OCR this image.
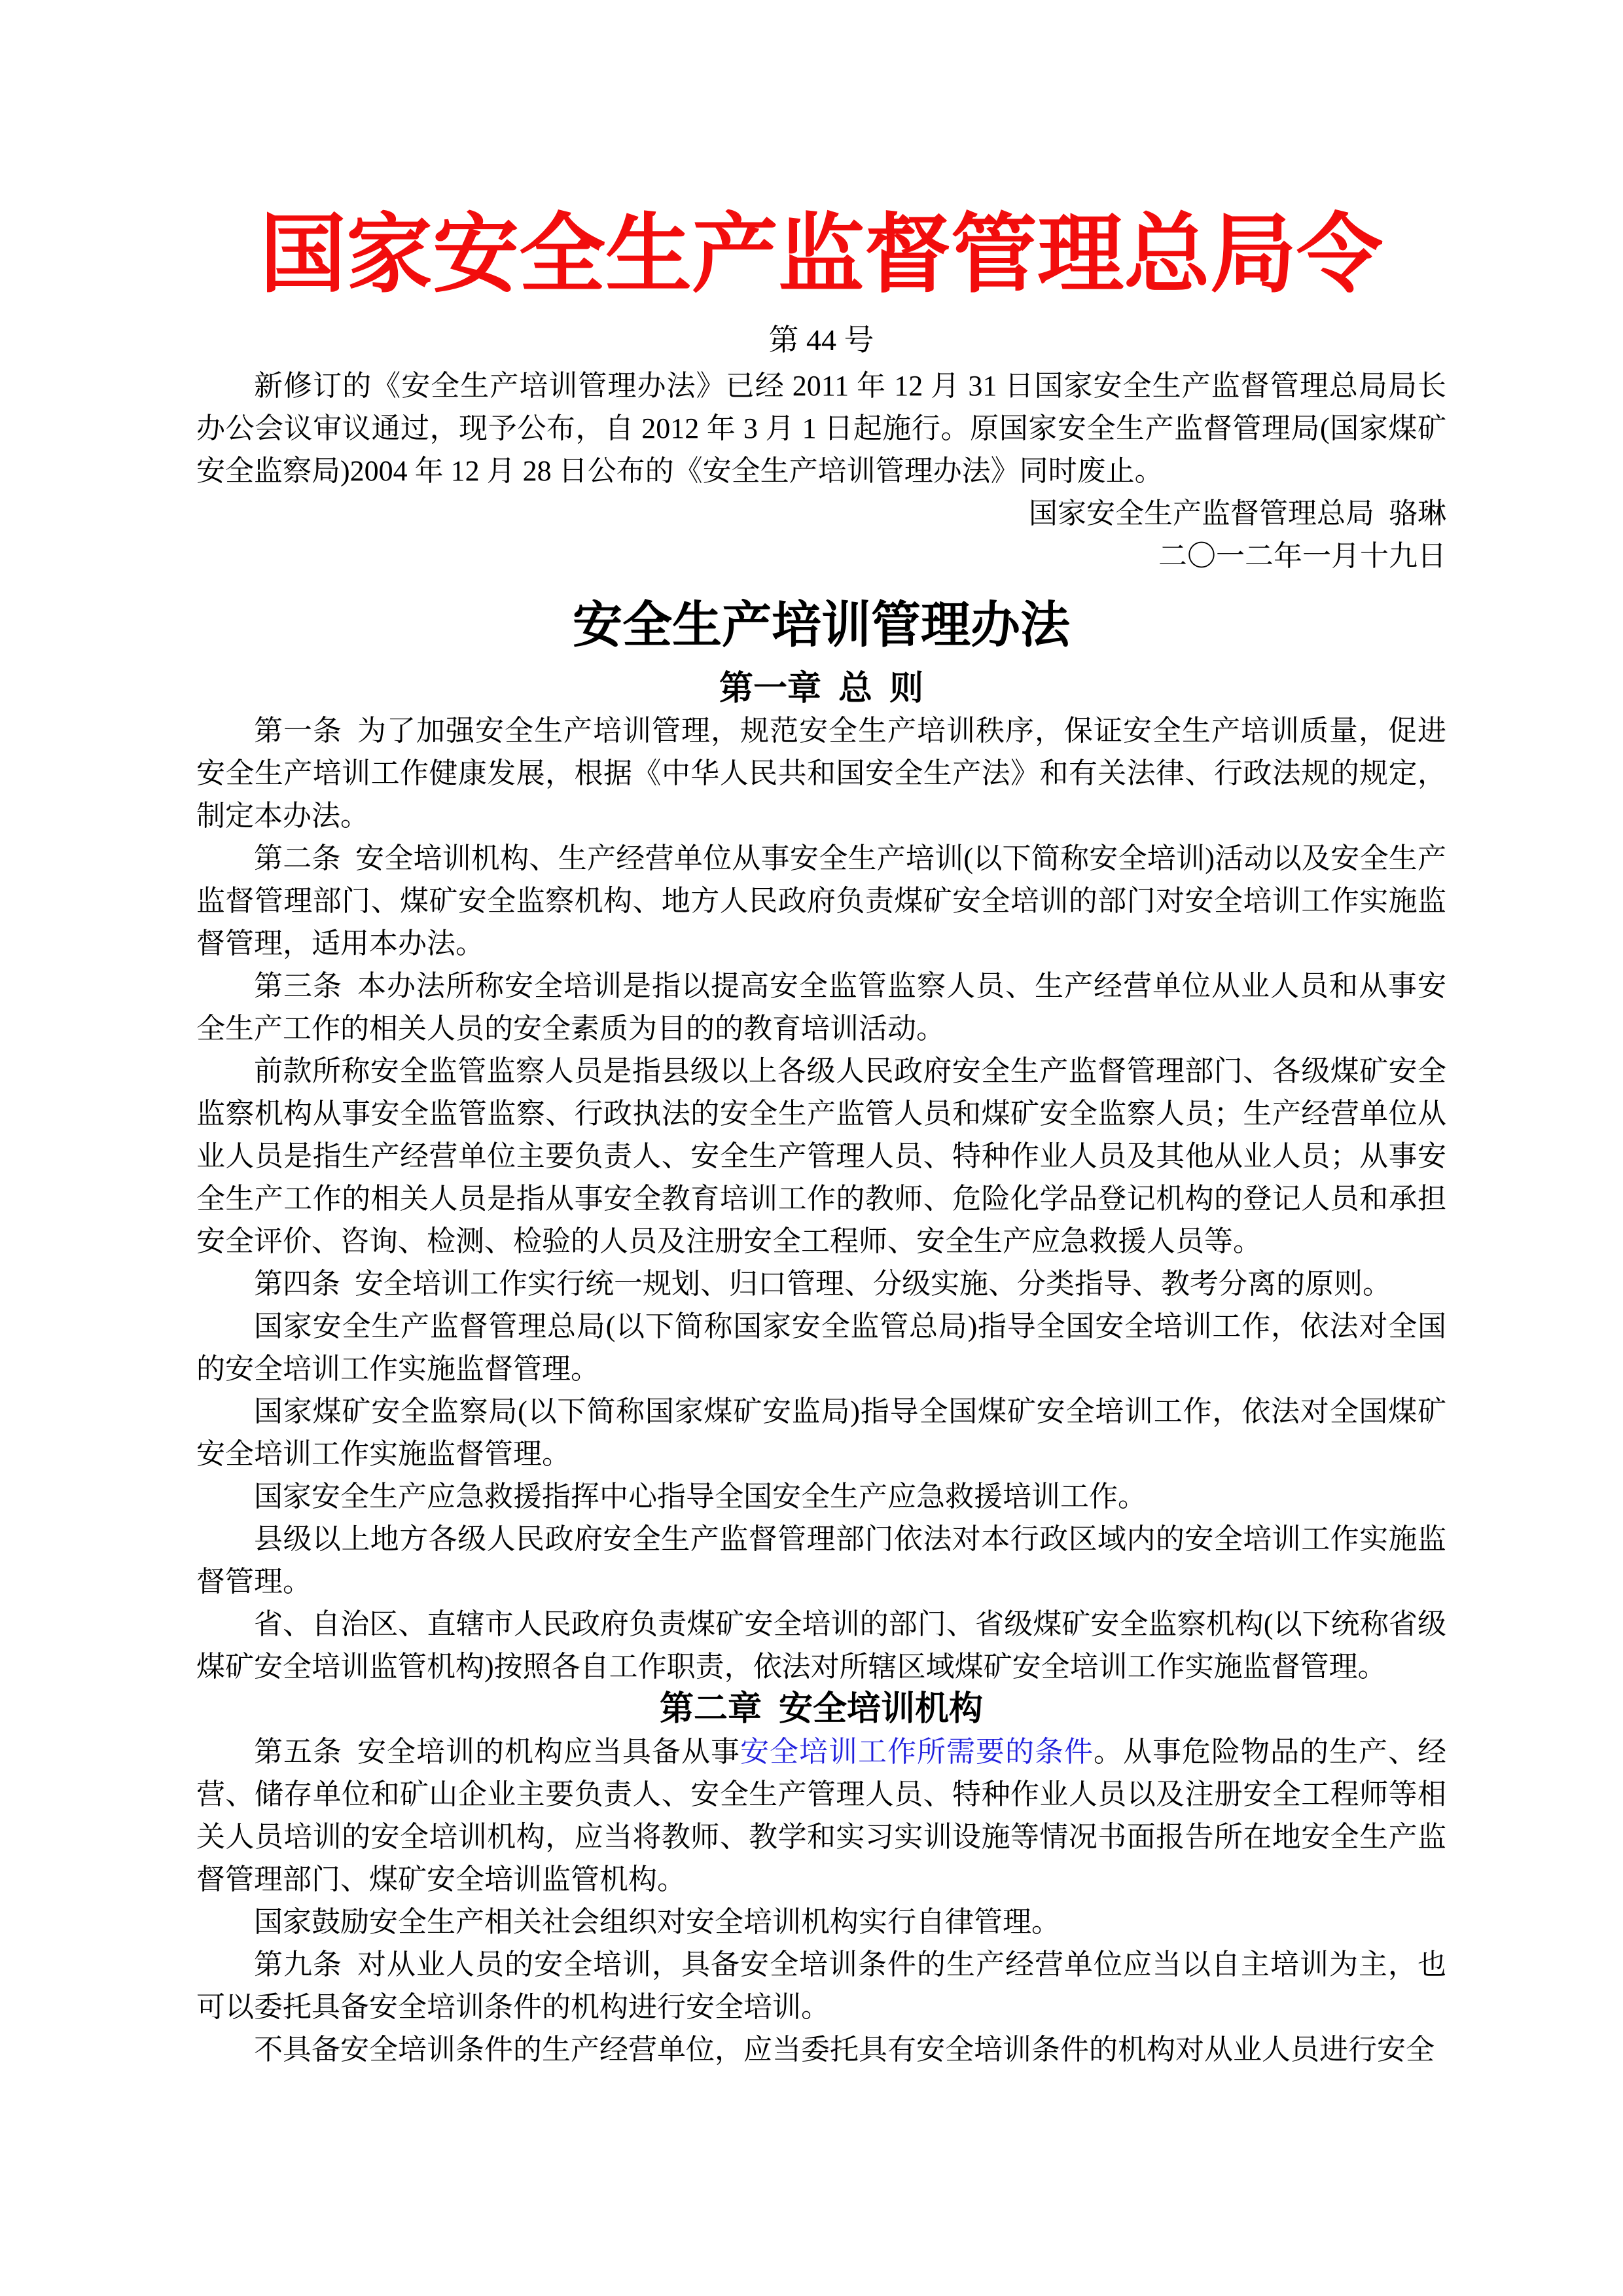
国家安全生产监督管理总局令
第 44 号

新修订的《安全生产培训管理办法》已经 2011 年 12 月 31 日国家安全生产监督管理总局局长办公会议审议通过，现予公布，自 2012 年 3 月 1 日起施行。原国家安全生产监督管理局(国家煤矿安全监察局)2004 年 12 月 28 日公布的《安全生产培训管理办法》同时废止。

国家安全生产监督管理总局 骆琳
二〇一二年一月十九日
安全生产培训管理办法
第一章 总 则

第一条 为了加强安全生产培训管理，规范安全生产培训秩序，保证安全生产培训质量，促进安全生产培训工作健康发展，根据《中华人民共和国安全生产法》和有关法律、行政法规的规定，制定本办法。

第二条 安全培训机构、生产经营单位从事安全生产培训(以下简称安全培训)活动以及安全生产监督管理部门、煤矿安全监察机构、地方人民政府负责煤矿安全培训的部门对安全培训工作实施监督管理，适用本办法。

第三条 本办法所称安全培训是指以提高安全监管监察人员、生产经营单位从业人员和从事安全生产工作的相关人员的安全素质为目的的教育培训活动。

前款所称安全监管监察人员是指县级以上各级人民政府安全生产监督管理部门、各级煤矿安全监察机构从事安全监管监察、行政执法的安全生产监管人员和煤矿安全监察人员；生产经营单位从业人员是指生产经营单位主要负责人、安全生产管理人员、特种作业人员及其他从业人员；从事安全生产工作的相关人员是指从事安全教育培训工作的教师、危险化学品登记机构的登记人员和承担安全评价、咨询、检测、检验的人员及注册安全工程师、安全生产应急救援人员等。

第四条 安全培训工作实行统一规划、归口管理、分级实施、分类指导、教考分离的原则。

国家安全生产监督管理总局(以下简称国家安全监管总局)指导全国安全培训工作，依法对全国的安全培训工作实施监督管理。

国家煤矿安全监察局(以下简称国家煤矿安监局)指导全国煤矿安全培训工作，依法对全国煤矿安全培训工作实施监督管理。

国家安全生产应急救援指挥中心指导全国安全生产应急救援培训工作。

县级以上地方各级人民政府安全生产监督管理部门依法对本行政区域内的安全培训工作实施监督管理。

省、自治区、直辖市人民政府负责煤矿安全培训的部门、省级煤矿安全监察机构(以下统称省级煤矿安全培训监管机构)按照各自工作职责，依法对所辖区域煤矿安全培训工作实施监督管理。

第二章 安全培训机构

第五条 安全培训的机构应当具备从事安全培训工作所需要的条件。从事危险物品的生产、经营、储存单位和矿山企业主要负责人、安全生产管理人员、特种作业人员以及注册安全工程师等相关人员培训的安全培训机构，应当将教师、教学和实习实训设施等情况书面报告所在地安全生产监督管理部门、煤矿安全培训监管机构。

国家鼓励安全生产相关社会组织对安全培训机构实行自律管理。

第九条 对从业人员的安全培训，具备安全培训条件的生产经营单位应当以自主培训为主，也可以委托具备安全培训条件的机构进行安全培训。

不具备安全培训条件的生产经营单位，应当委托具有安全培训条件的机构对从业人员进行安全
